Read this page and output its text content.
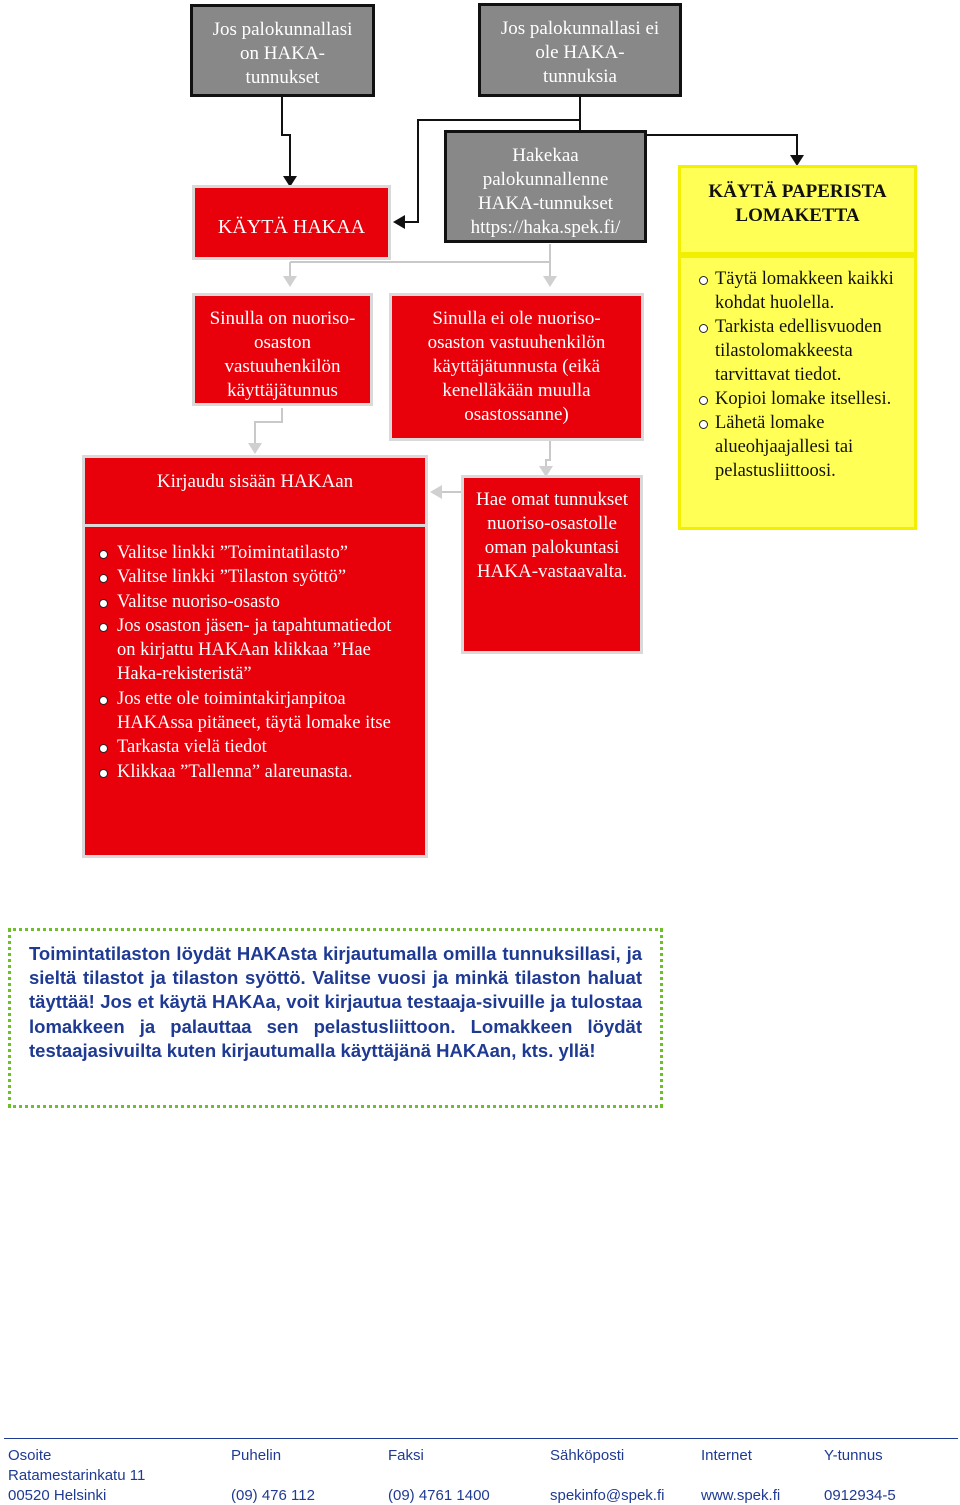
Jos palokunnallasi on HAKA-tunnukset
Jos palokunnallasi ei ole HAKA-tunnuksia
Hakekaa palokunnallenne HAKA-tunnukset
https://haka.spek.fi/
KÄYTÄ HAKAA
KÄYTÄ PAPERISTA LOMAKETTA
Sinulla on nuoriso-osaston vastuuhenkilön käyttäjätunnus
Sinulla ei ole nuoriso-osaston vastuuhenkilön käyttäjätunnusta (eikä kenelläkään muulla osastossanne)
Hae omat tunnukset nuoriso-osastolle oman palokuntasi HAKA-vastaavalta.
Kirjaudu sisään HAKAan
Valitse linkki ”Toimintatilasto”
Valitse linkki ”Tilaston syöttö”
Valitse nuoriso-osasto
Jos osaston jäsen- ja tapahtumatiedot on kirjattu HAKAan klikkaa ”Hae Haka-rekisteristä”
Jos ette ole toimintakirjanpitoa HAKAssa pitäneet, täytä lomake itse
Tarkasta vielä tiedot
Klikkaa ”Tallenna” alareunasta.
Täytä lomakkeen kaikki kohdat huolella.
Tarkista edellisvuoden tilastolomakkeesta tarvittavat tiedot.
Kopioi lomake itsellesi.
Lähetä lomake alueohjaajallesi tai pelastusliittoosi.
Toimintatilaston löydät HAKAsta kirjautumalla omilla tunnuksillasi, ja sieltä tilastot ja tilaston syöttö. Valitse vuosi ja minkä tilaston haluat täyttää! Jos et käytä HAKAa, voit kirjautua testaaja-sivuille ja tulostaa lomakkeen ja palauttaa sen pelastusliittoon. Lomakkeen löydät testaajasivuilta kuten kirjautumalla käyttäjänä HAKAan, kts. yllä!
Osoite	Puhelin	Faksi	Sähköposti	Internet	Y-tunnus
Ratamestarinkatu 11
00520 Helsinki	(09) 476 112	(09) 4761 1400	spekinfo@spek.fi www.spek.fi	0912934-5
